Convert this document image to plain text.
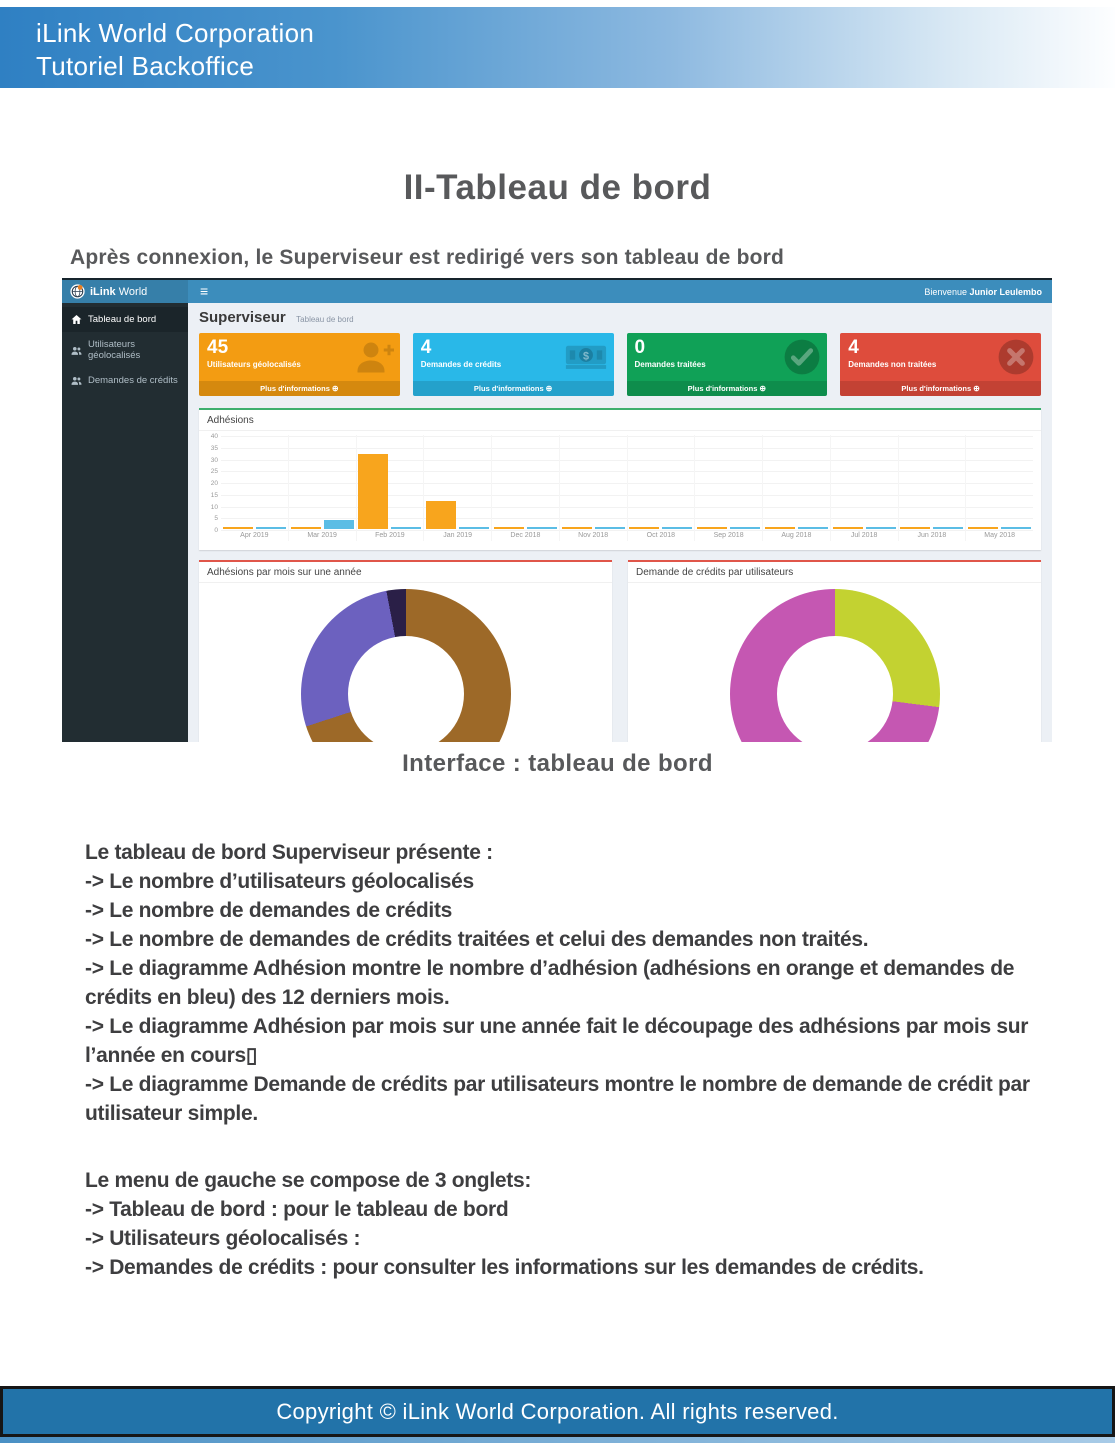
iLink World Corporation
Tutoriel Backoffice
II-Tableau de bord

Après connexion, le Superviseur est redirigé vers son tableau de bord

iLink World	≡	Bienvenue Junior Leulembo
Tableau de bord
Utilisateurs géolocalisés
Demandes de crédits
Superviseur Tableau de bord
45
Utilisateurs géolocalisés
Plus d'informations ⊕
4
Demandes de crédits
$
Plus d'informations ⊕
0
Demandes traitées
Plus d'informations ⊕
4
Demandes non traitées
Plus d'informations ⊕
Adhésions
0
5
10
15
20
25
30
35
40
Apr 2019	Mar 2019	Feb 2019	Jan 2019	Dec 2018	Nov 2018	Oct 2018	Sep 2018	Aug 2018	Jul 2018	Jun 2018	May 2018
Adhésions par mois sur une année	Demande de crédits par utilisateurs
Interface : tableau de bord
Le tableau de bord Superviseur présente :
-> Le nombre d’utilisateurs géolocalisés
-> Le nombre de demandes de crédits
-> Le nombre de demandes de crédits traitées et celui des demandes non traités.
-> Le diagramme Adhésion montre le nombre d’adhésion (adhésions en orange et demandes de crédits en bleu) des 12 derniers mois.
-> Le diagramme Adhésion par mois sur une année fait le découpage des adhésions par mois sur l’année en cours▯
-> Le diagramme Demande de crédits par utilisateurs montre le nombre de demande de crédit par utilisateur simple.
Le menu de gauche se compose de 3 onglets:
-> Tableau de bord : pour le tableau de bord
-> Utilisateurs géolocalisés :
-> Demandes de crédits : pour consulter les informations sur les demandes de crédits.
Copyright © iLink World Corporation. All rights reserved.
